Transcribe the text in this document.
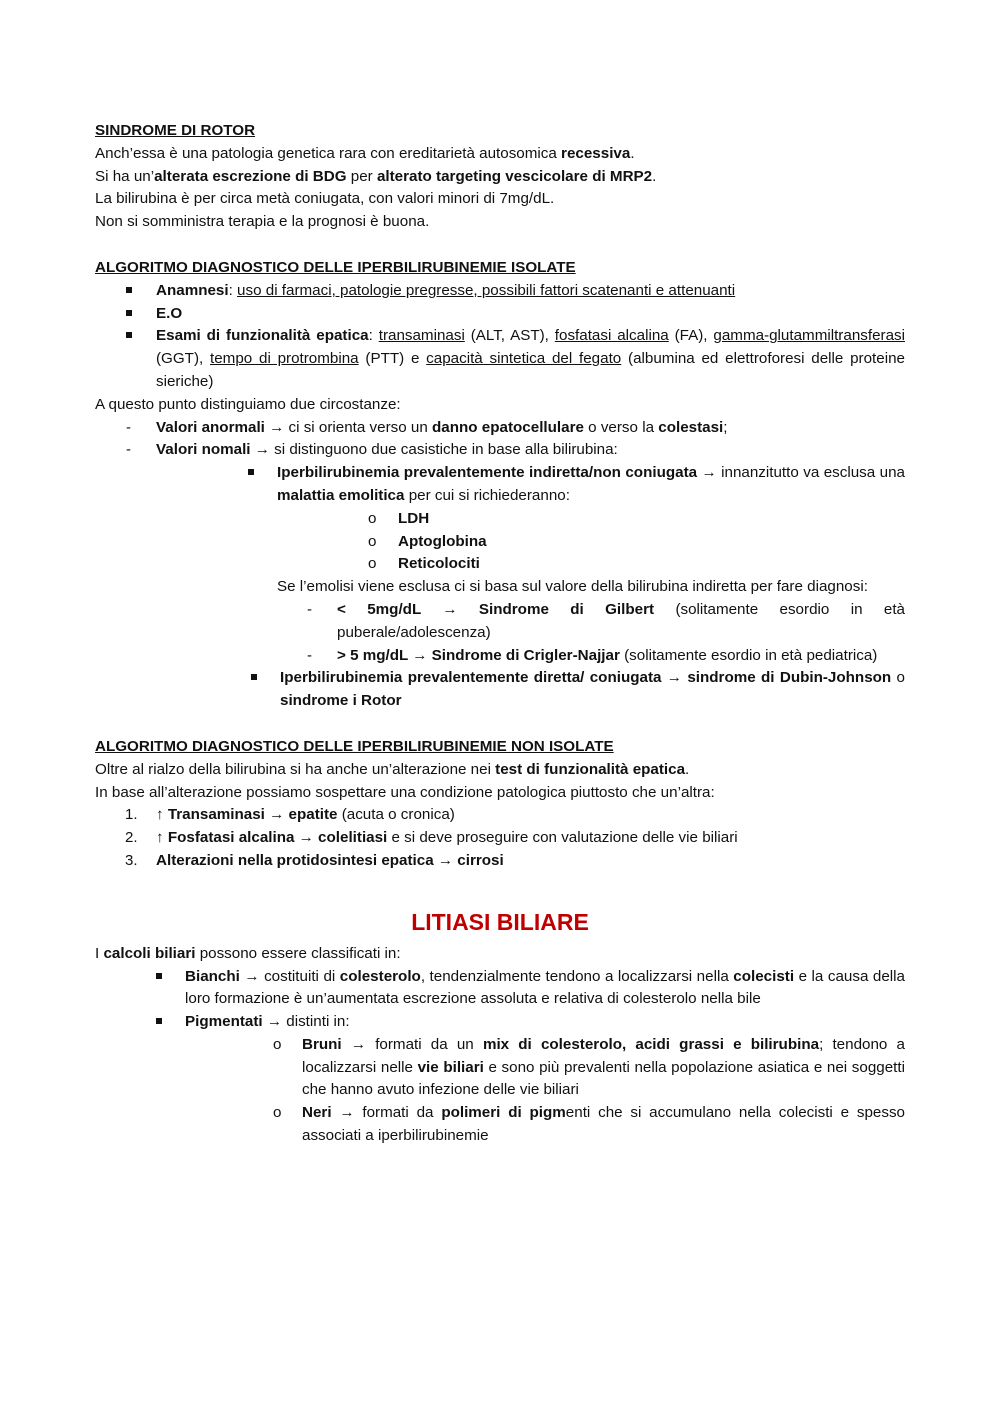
SINDROME DI ROTOR

Anch’essa è una patologia genetica rara con ereditarietà autosomica recessiva.

Si ha un’alterata escrezione di BDG per alterato targeting vescicolare di MRP2.

La bilirubina è per circa metà coniugata, con valori minori di 7mg/dL.

Non si somministra terapia e la prognosi è buona.

ALGORITMO DIAGNOSTICO DELLE IPERBILIRUBINEMIE ISOLATE

Anamnesi: uso di farmaci, patologie pregresse, possibili fattori scatenanti e attenuanti
E.O
Esami di funzionalità epatica: transaminasi (ALT, AST), fosfatasi alcalina (FA), gamma-glutammiltransferasi (GGT), tempo di protrombina (PTT) e capacità sintetica del fegato (albumina ed elettroforesi delle proteine sieriche)

A questo punto distinguiamo due circostanze:

- Valori anormali → ci si orienta verso un danno epatocellulare o verso la colestasi;
- Valori nomali → si distinguono due casistiche in base alla bilirubina:
Iperbilirubinemia prevalentemente indiretta/non coniugata → innanzitutto va esclusa una malattia emolitica per cui si richiederanno:
o LDH
o Aptoglobina
o Reticolociti

Se l’emolisi viene esclusa ci si basa sul valore della bilirubina indiretta per fare diagnosi:

- < 5mg/dL → Sindrome di Gilbert (solitamente esordio in età puberale/adolescenza)
- > 5 mg/dL → Sindrome di Crigler-Najjar (solitamente esordio in età pediatrica)
Iperbilirubinemia prevalentemente diretta/ coniugata → sindrome di Dubin-Johnson o sindrome i Rotor

ALGORITMO DIAGNOSTICO DELLE IPERBILIRUBINEMIE NON ISOLATE

Oltre al rialzo della bilirubina si ha anche un’alterazione nei test di funzionalità epatica.

In base all’alterazione possiamo sospettare una condizione patologica piuttosto che un’altra:

1. ↑ Transaminasi → epatite (acuta o cronica)
2. ↑ Fosfatasi alcalina → colelitiasi e si deve proseguire con valutazione delle vie biliari
3. Alterazioni nella protidosintesi epatica → cirrosi

LITIASI BILIARE

I calcoli biliari possono essere classificati in:

Bianchi → costituiti di colesterolo, tendenzialmente tendono a localizzarsi nella colecisti e la causa della loro formazione è un’aumentata escrezione assoluta e relativa di colesterolo nella bile
Pigmentati → distinti in:
o Bruni → formati da un mix di colesterolo, acidi grassi e bilirubina; tendono a localizzarsi nelle vie biliari e sono più prevalenti nella popolazione asiatica e nei soggetti che hanno avuto infezione delle vie biliari
o Neri → formati da polimeri di pigmenti che si accumulano nella colecisti e spesso associati a iperbilirubinemie
